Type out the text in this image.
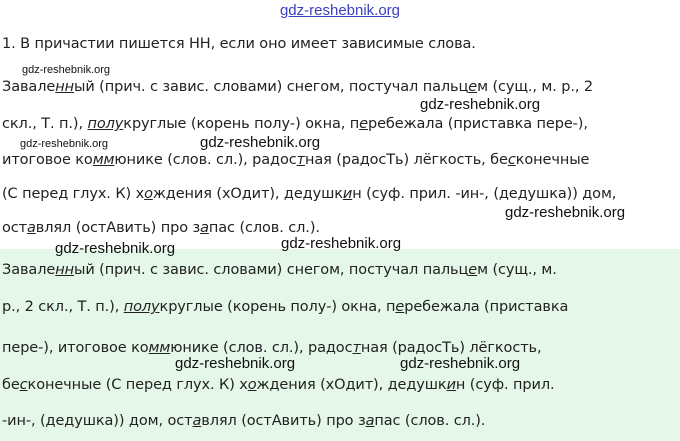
gdz-reshebnik.org
1. В причастии пишется НН, если оно имеет зависимые слова.
gdz-reshebnik.org
gdz-reshebnik.org
gdz-reshebnik.org	gdz-reshebnik.org
gdz-reshebnik.org
gdz-reshebnik.org	gdz-reshebnik.org
gdz-reshebnik.org	gdz-reshebnik.org
Заваленный (прич. с завис. словами) снегом, постучал пальцем (сущ., м. р., 2
скл., Т. п.), полукруглые (корень полу-) окна, перебежала (приставка пере-),
итоговое коммюнике (слов. сл.), радостная (радосТь) лёгкость, бесконечные
(С перед глух. К) хождения (хОдит), дедушкин (суф. прил. -ин-, (дедушка)) дом,
оставлял (остАвить) про запас (слов. сл.).
Заваленный (прич. с завис. словами) снегом, постучал пальцем (сущ., м.
р., 2 скл., Т. п.), полукруглые (корень полу-) окна, перебежала (приставка
пере-), итоговое коммюнике (слов. сл.), радостная (радосТь) лёгкость,
бесконечные (С перед глух. К) хождения (хОдит), дедушкин (суф. прил.
-ин-, (дедушка)) дом, оставлял (остАвить) про запас (слов. сл.).
